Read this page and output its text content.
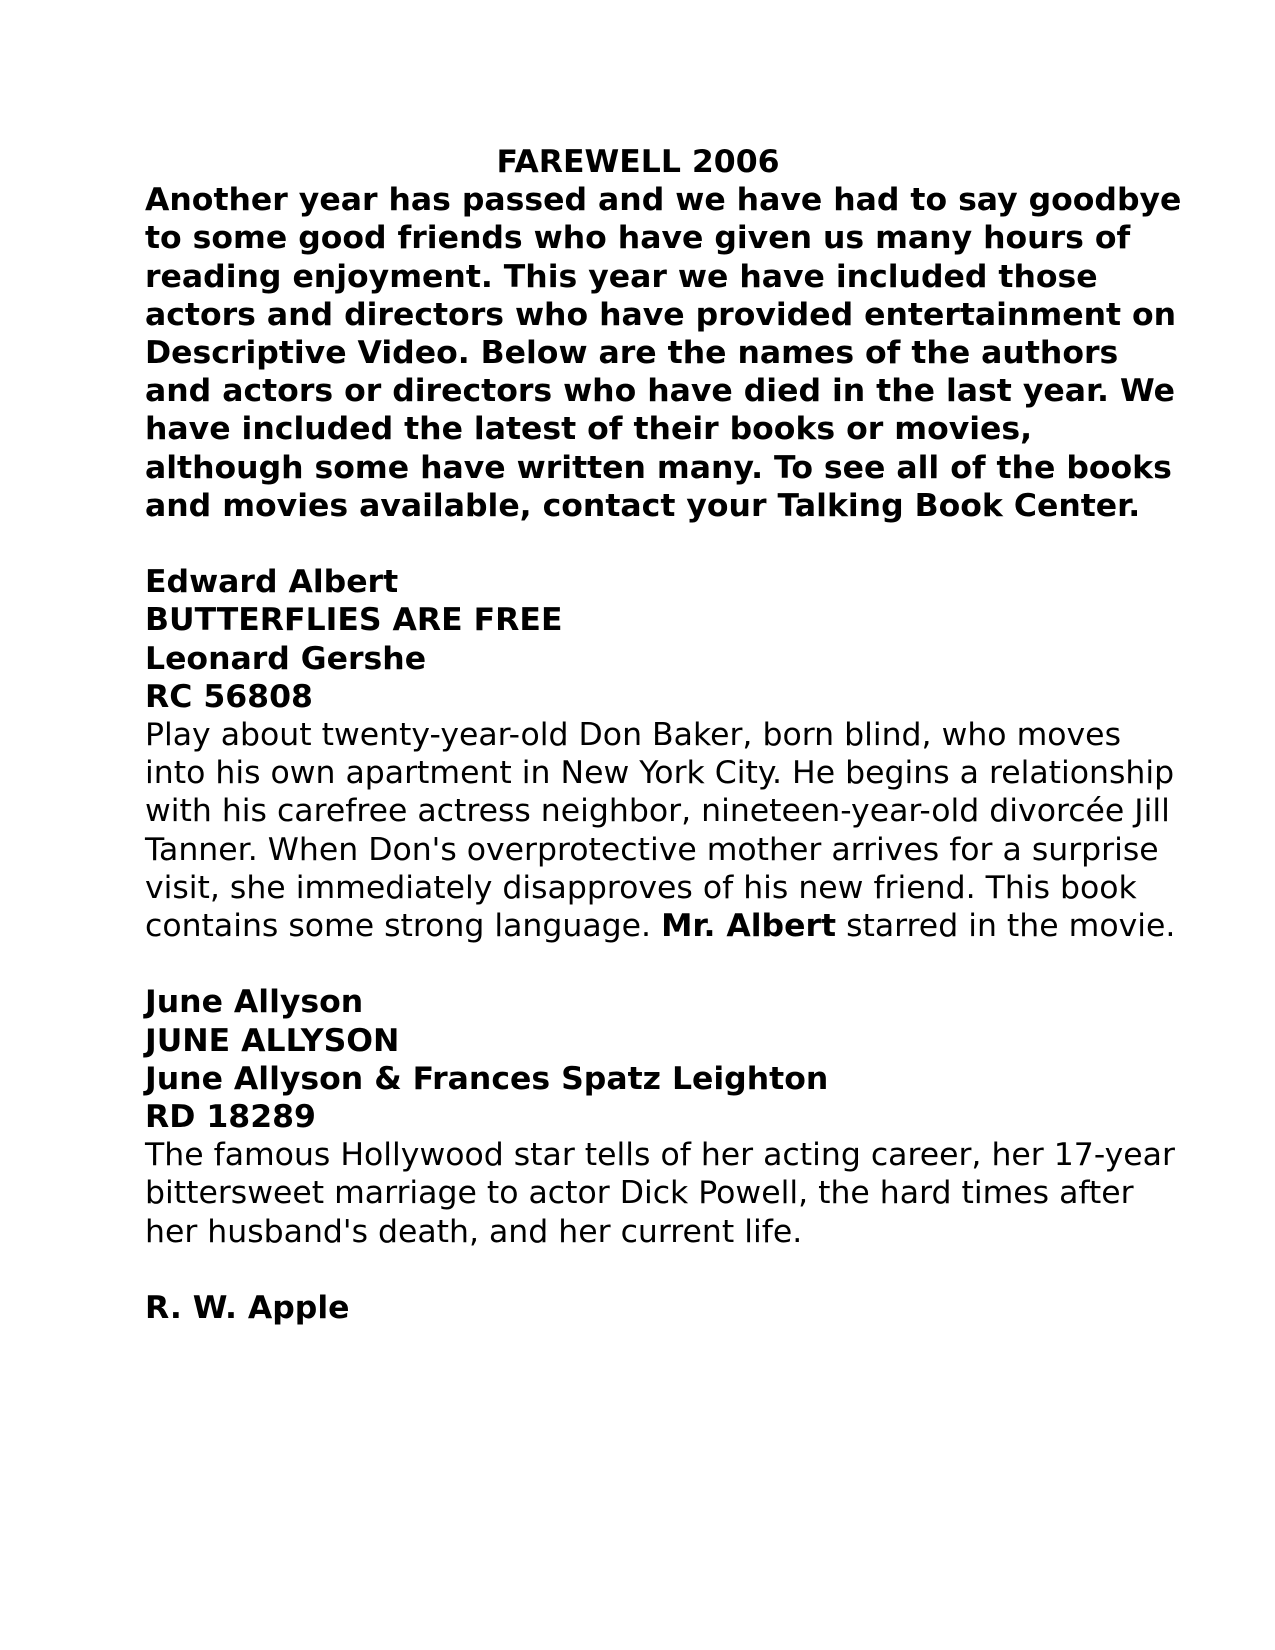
FAREWELL 2006
Another year has passed and we have had to say goodbye
to some good friends who have given us many hours of
reading enjoyment. This year we have included those
actors and directors who have provided entertainment on
Descriptive Video. Below are the names of the authors
and actors or directors who have died in the last year. We
have included the latest of their books or movies,
although some have written many. To see all of the books
and movies available, contact your Talking Book Center.
Edward Albert
BUTTERFLIES ARE FREE
Leonard Gershe
RC 56808
Play about twenty-year-old Don Baker, born blind, who moves
into his own apartment in New York City. He begins a relationship
with his carefree actress neighbor, nineteen-year-old divorcée Jill
Tanner. When Don's overprotective mother arrives for a surprise
visit, she immediately disapproves of his new friend. This book
contains some strong language. Mr. Albert starred in the movie.
June Allyson
JUNE ALLYSON
June Allyson & Frances Spatz Leighton
RD 18289
The famous Hollywood star tells of her acting career, her 17-year
bittersweet marriage to actor Dick Powell, the hard times after
her husband's death, and her current life.
R. W. Apple
